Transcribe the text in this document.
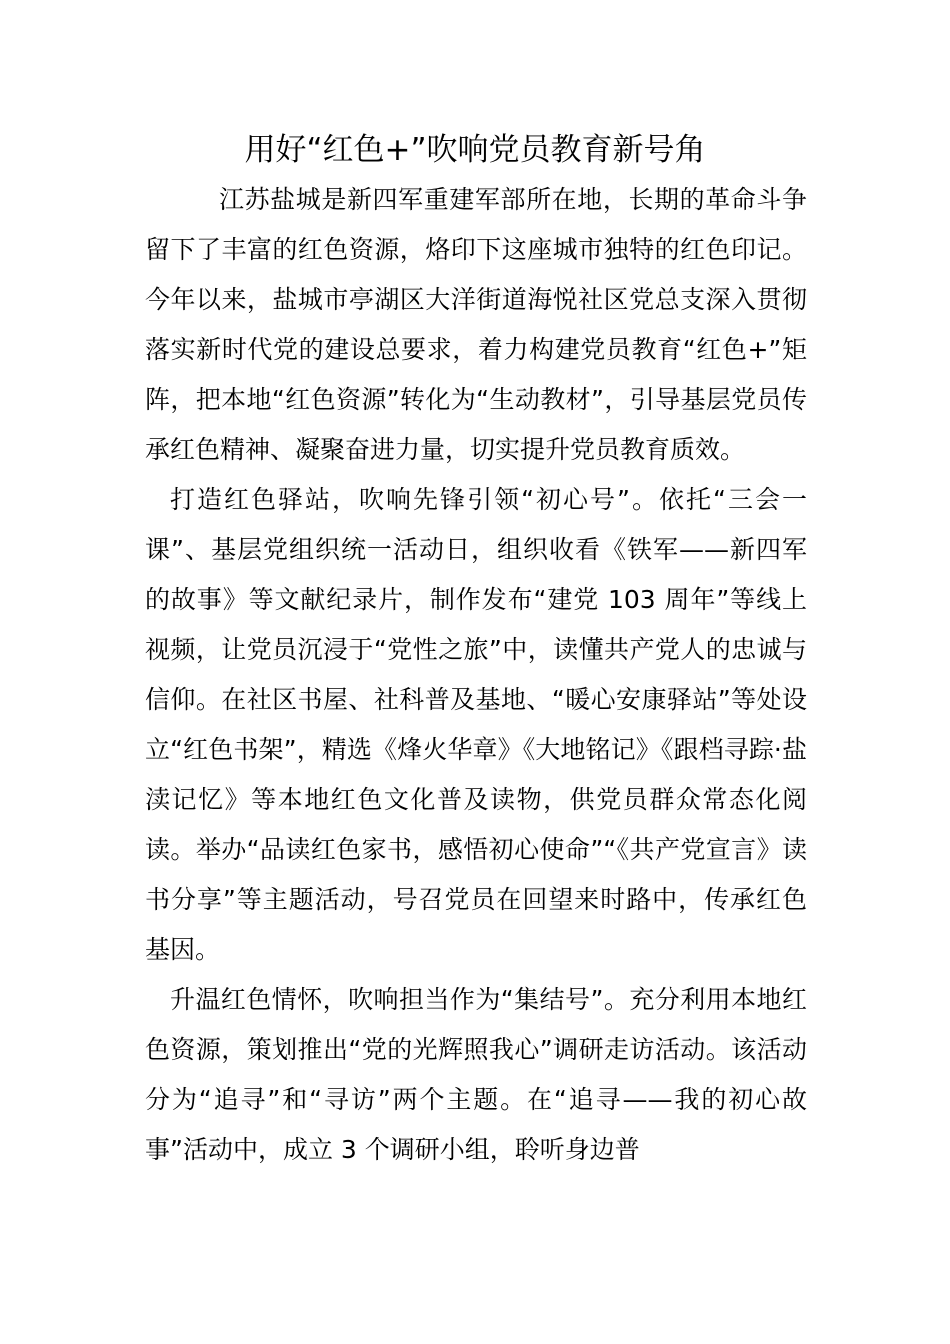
用好“红色+”吹响党员教育新号角

江苏盐城是新四军重建军部所在地，长期的革命斗争留下了丰富的红色资源，烙印下这座城市独特的红色印记。今年以来，盐城市亭湖区大洋街道海悦社区党总支深入贯彻落实新时代党的建设总要求，着力构建党员教育“红色+”矩阵，把本地“红色资源”转化为“生动教材”，引导基层党员传承红色精神、凝聚奋进力量，切实提升党员教育质效。

打造红色驿站，吹响先锋引领“初心号”。依托“三会一课”、基层党组织统一活动日，组织收看《铁军——新四军的故事》等文献纪录片，制作发布“建党 103 周年”等线上视频，让党员沉浸于“党性之旅”中，读懂共产党人的忠诚与信仰。在社区书屋、社科普及基地、“暖心安康驿站”等处设立“红色书架”，精选《烽火华章》《大地铭记》《跟档寻踪·盐渎记忆》等本地红色文化普及读物，供党员群众常态化阅读。举办“品读红色家书，感悟初心使命”“《共产党宣言》读书分享”等主题活动，号召党员在回望来时路中，传承红色基因。

升温红色情怀，吹响担当作为“集结号”。充分利用本地红色资源，策划推出“党的光辉照我心”调研走访活动。该活动分为“追寻”和“寻访”两个主题。在“追寻——我的初心故事”活动中，成立 3 个调研小组，聆听身边普
